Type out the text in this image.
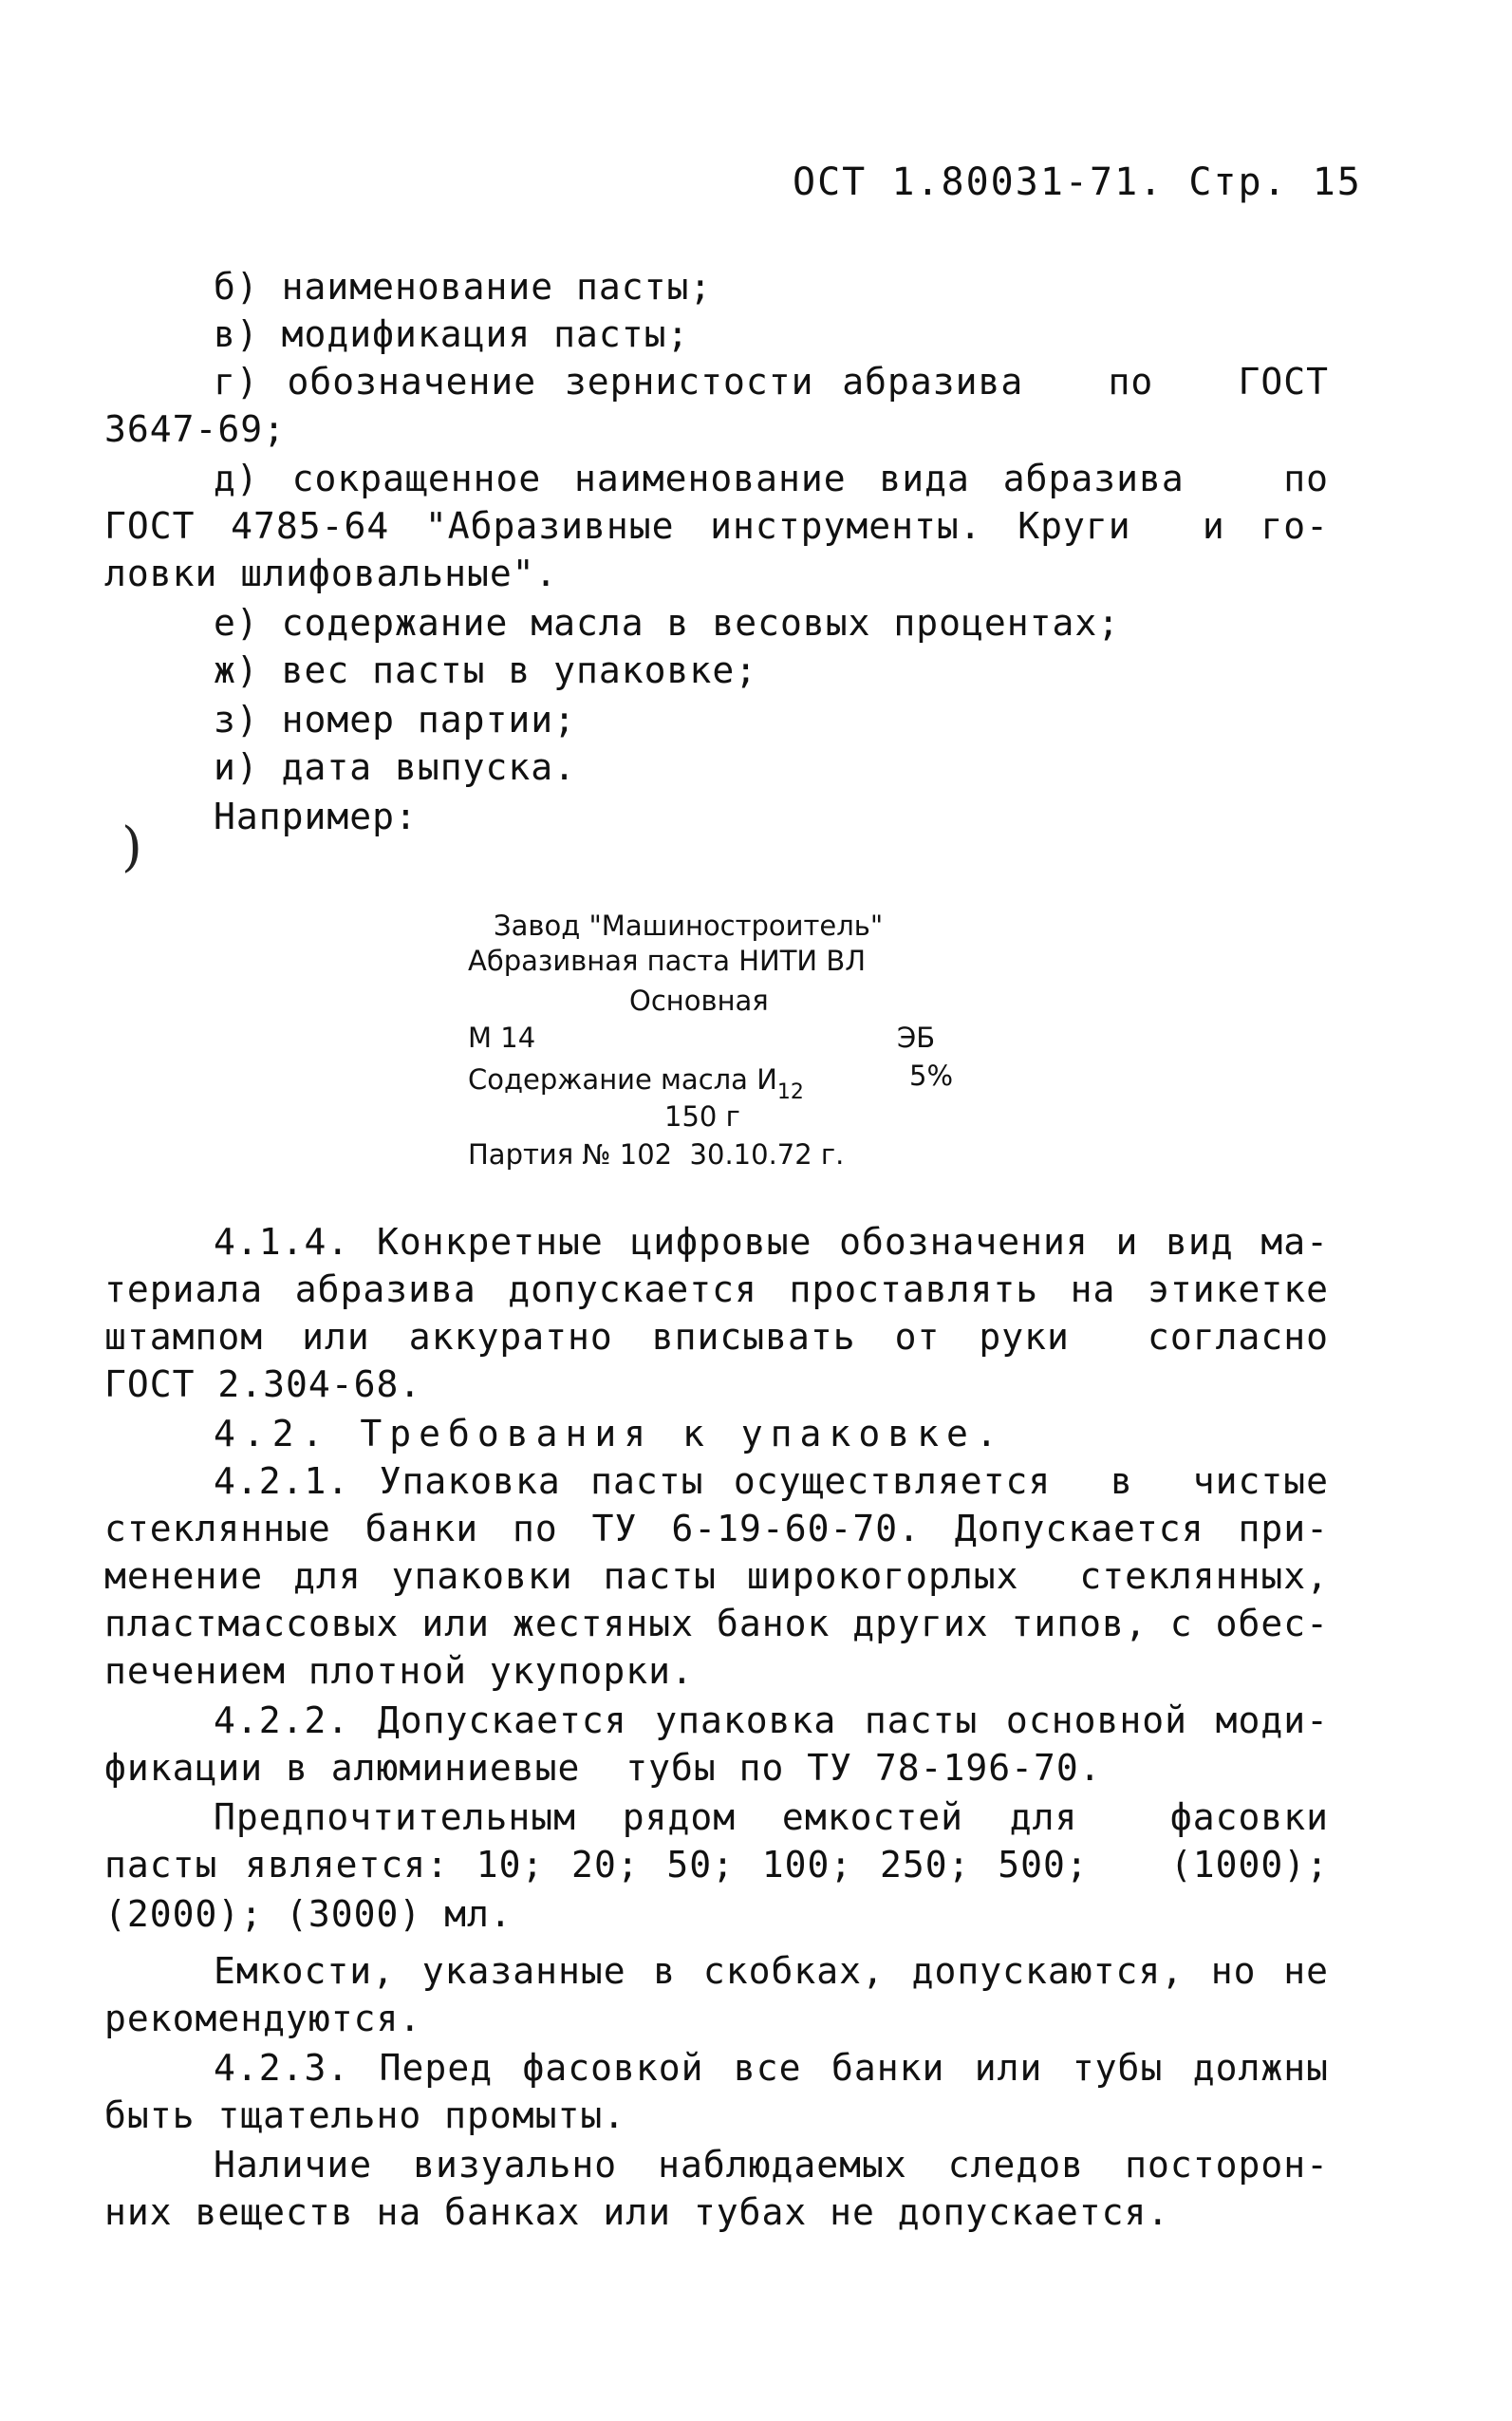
ОСТ 1.80031-71. Стр. 15
б) наименование пасты;
в) модификация пасты;
г) обозначение зернистости абразива   по   ГОСТ
3647-69;
д) сокращенное наименование вида абразива   по
ГОСТ 4785-64 "Абразивные инструменты. Круги  и го-
ловки шлифовальные".
е) содержание масла в весовых процентах;
ж) вес пасты в упаковке;
з) номер партии;
и) дата выпуска.
Например:
)
Завод "Машиностроитель"
Абразивная паста НИТИ ВЛ
Основная
М 14	ЭБ
Содержание масла $И_{12}$
5%
150 г
Партия № 102  30.10.72 г.
4.1.4. Конкретные цифровые обозначения и вид ма-
териала абразива допускается проставлять на этикетке
штампом или аккуратно вписывать от руки  согласно
ГОСТ 2.304-68.
4.2. Требования к упаковке.
4.2.1. Упаковка пасты осуществляется  в  чистые
стеклянные банки по ТУ 6-19-60-70. Допускается при-
менение для упаковки пасты широкогорлых  стеклянных,
пластмассовых или жестяных банок других типов, с обес-
печением плотной укупорки.
4.2.2. Допускается упаковка пасты основной моди-
фикации в алюминиевые  тубы по ТУ 78-196-70.
Предпочтительным рядом емкостей для  фасовки
пасты является: 10; 20; 50; 100; 250; 500;   (1000);
(2000); (3000) мл.
Емкости, указанные в скобках, допускаются, но не
рекомендуются.
4.2.3. Перед фасовкой все банки или тубы должны
быть тщательно промыты.
Наличие визуально наблюдаемых следов посторон-
них веществ на банках или тубах не допускается.
